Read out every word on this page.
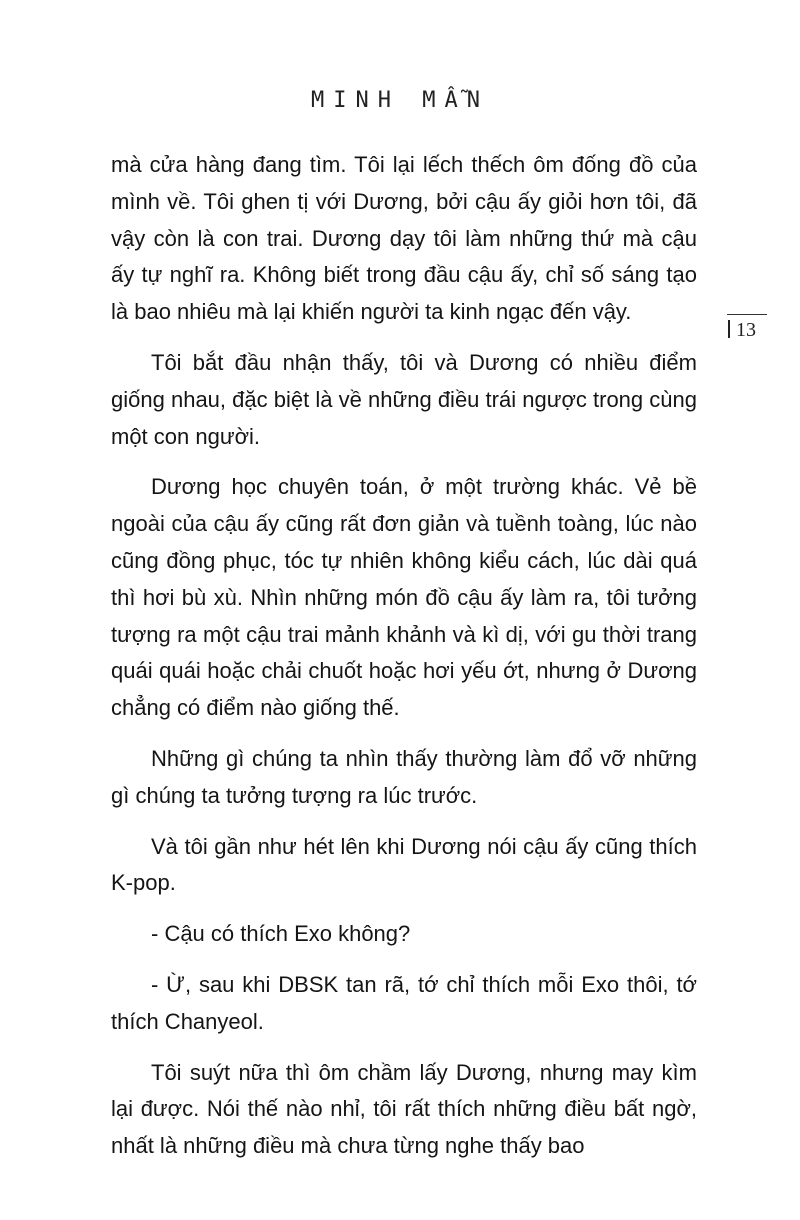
MINH MẪN
13

mà cửa hàng đang tìm. Tôi lại lếch thếch ôm đống đồ của mình về. Tôi ghen tị với Dương, bởi cậu ấy giỏi hơn tôi, đã vậy còn là con trai. Dương dạy tôi làm những thứ mà cậu ấy tự nghĩ ra. Không biết trong đầu cậu ấy, chỉ số sáng tạo là bao nhiêu mà lại khiến người ta kinh ngạc đến vậy.

Tôi bắt đầu nhận thấy, tôi và Dương có nhiều điểm giống nhau, đặc biệt là về những điều trái ngược trong cùng một con người.

Dương học chuyên toán, ở một trường khác. Vẻ bề ngoài của cậu ấy cũng rất đơn giản và tuềnh toàng, lúc nào cũng đồng phục, tóc tự nhiên không kiểu cách, lúc dài quá thì hơi bù xù. Nhìn những món đồ cậu ấy làm ra, tôi tưởng tượng ra một cậu trai mảnh khảnh và kì dị, với gu thời trang quái quái hoặc chải chuốt hoặc hơi yếu ớt, nhưng ở Dương chẳng có điểm nào giống thế.

Những gì chúng ta nhìn thấy thường làm đổ vỡ những gì chúng ta tưởng tượng ra lúc trước.

Và tôi gần như hét lên khi Dương nói cậu ấy cũng thích K-pop.

- Cậu có thích Exo không?

- Ừ, sau khi DBSK tan rã, tớ chỉ thích mỗi Exo thôi, tớ thích Chanyeol.

Tôi suýt nữa thì ôm chầm lấy Dương, nhưng may kìm lại được. Nói thế nào nhỉ, tôi rất thích những điều bất ngờ, nhất là những điều mà chưa từng nghe thấy bao
